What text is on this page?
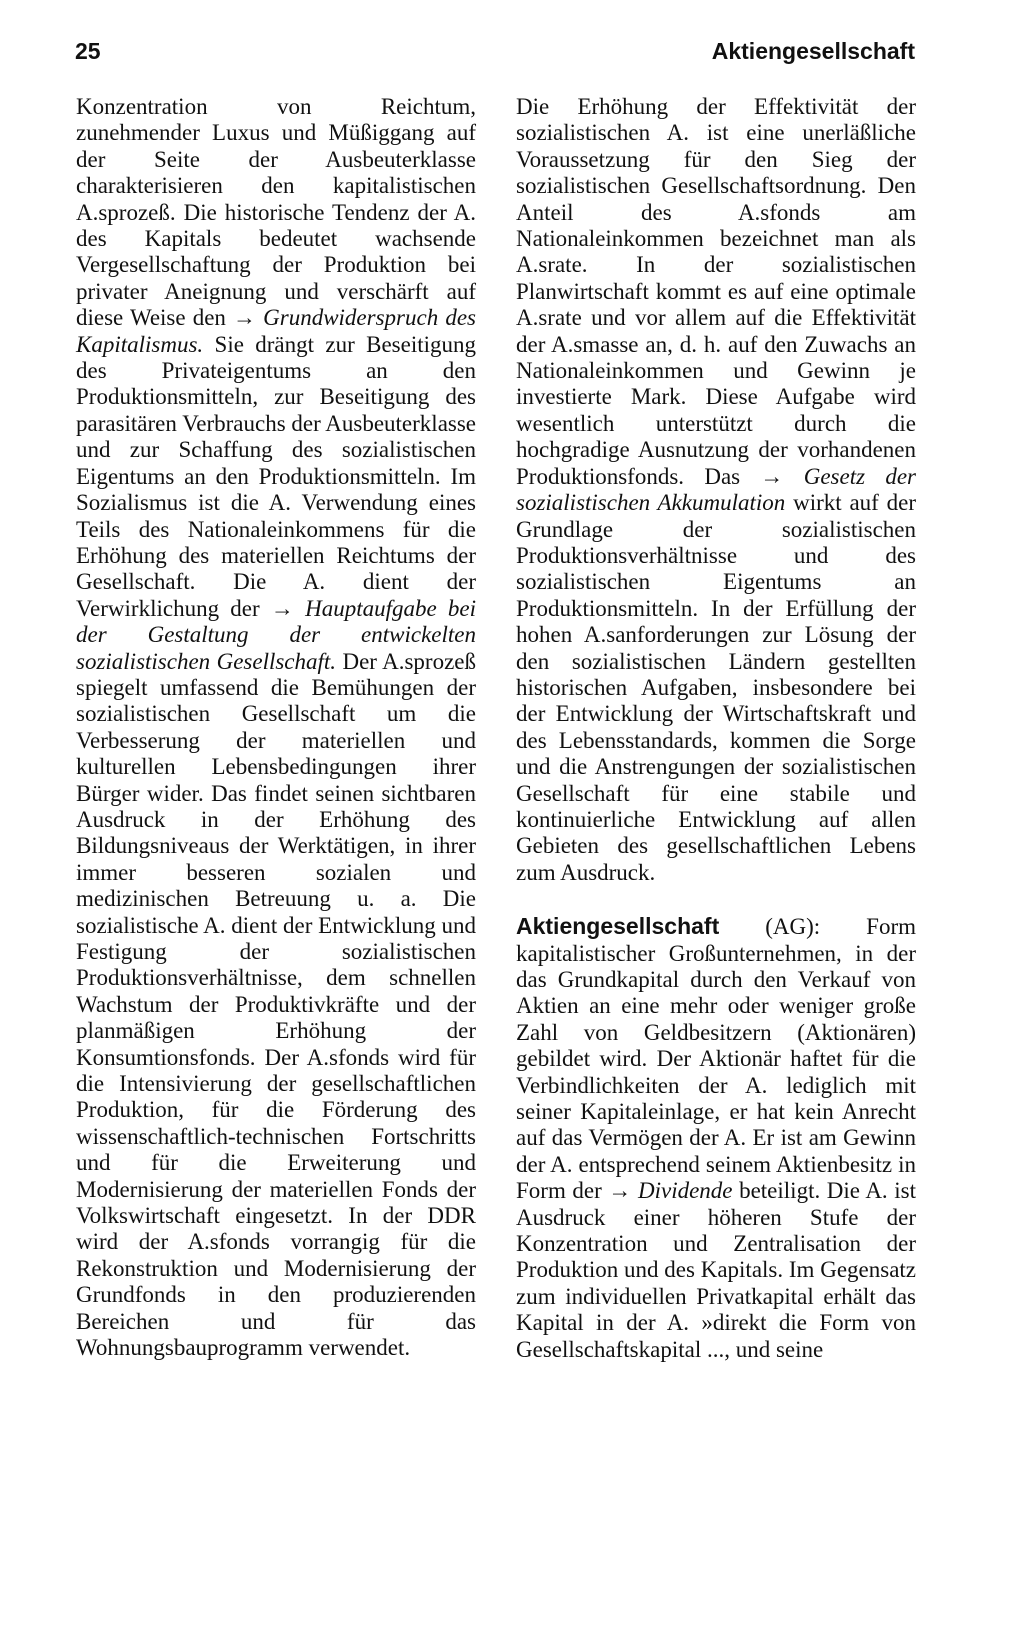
25	Aktiengesellschaft

Konzentration von Reichtum, zunehmender Luxus und Müßiggang auf der Seite der Ausbeuterklasse charakterisieren den kapitalistischen A.sprozeß. Die historische Tendenz der A. des Kapitals bedeutet wachsende Vergesellschaftung der Produktion bei privater Aneignung und verschärft auf diese Weise den → Grundwiderspruch des Kapitalismus. Sie drängt zur Beseitigung des Privateigentums an den Produktionsmitteln, zur Beseitigung des parasitären Verbrauchs der Ausbeuterklasse und zur Schaffung des sozialistischen Eigentums an den Produktionsmitteln. Im Sozialismus ist die A. Verwendung eines Teils des Nationaleinkommens für die Erhöhung des materiellen Reichtums der Gesellschaft. Die A. dient der Verwirklichung der → Hauptaufgabe bei der Gestaltung der entwickelten sozialistischen Gesellschaft. Der A.sprozeß spiegelt umfassend die Bemühungen der sozialistischen Gesellschaft um die Verbesserung der materiellen und kulturellen Lebensbedingungen ihrer Bürger wider. Das findet seinen sichtbaren Ausdruck in der Erhöhung des Bildungsniveaus der Werktätigen, in ihrer immer besseren sozialen und medizinischen Betreuung u. a. Die sozialistische A. dient der Entwicklung und Festigung der sozialistischen Produktionsverhältnisse, dem schnellen Wachstum der Produktivkräfte und der planmäßigen Erhöhung der Konsumtionsfonds. Der A.sfonds wird für die Intensivierung der gesellschaftlichen Produktion, für die Förderung des wissenschaftlich-technischen Fortschritts und für die Erweiterung und Modernisierung der materiellen Fonds der Volkswirtschaft eingesetzt. In der DDR wird der A.sfonds vorrangig für die Rekonstruktion und Modernisierung der Grundfonds in den produzierenden Bereichen und für das Wohnungsbauprogramm verwendet.

Die Erhöhung der Effektivität der sozialistischen A. ist eine unerläßliche Voraussetzung für den Sieg der sozialistischen Gesellschaftsordnung. Den Anteil des A.sfonds am Nationaleinkommen bezeichnet man als A.srate. In der sozialistischen Planwirtschaft kommt es auf eine optimale A.srate und vor allem auf die Effektivität der A.smasse an, d. h. auf den Zuwachs an Nationaleinkommen und Gewinn je investierte Mark. Diese Aufgabe wird wesentlich unterstützt durch die hochgradige Ausnutzung der vorhandenen Produktionsfonds. Das → Gesetz der sozialistischen Akkumulation wirkt auf der Grundlage der sozialistischen Produktionsverhältnisse und des sozialistischen Eigentums an Produktionsmitteln. In der Erfüllung der hohen A.sanforderungen zur Lösung der den sozialistischen Ländern gestellten historischen Aufgaben, insbesondere bei der Entwicklung der Wirtschaftskraft und des Lebensstandards, kommen die Sorge und die Anstrengungen der sozialistischen Gesellschaft für eine stabile und kontinuierliche Entwicklung auf allen Gebieten des gesellschaftlichen Lebens zum Ausdruck.

Aktiengesellschaft (AG): Form kapitalistischer Großunternehmen, in der das Grundkapital durch den Verkauf von Aktien an eine mehr oder weniger große Zahl von Geldbesitzern (Aktionären) gebildet wird. Der Aktionär haftet für die Verbindlichkeiten der A. lediglich mit seiner Kapitaleinlage, er hat kein Anrecht auf das Vermögen der A. Er ist am Gewinn der A. entsprechend seinem Aktienbesitz in Form der → Dividende beteiligt. Die A. ist Ausdruck einer höheren Stufe der Konzentration und Zentralisation der Produktion und des Kapitals. Im Gegensatz zum individuellen Privatkapital erhält das Kapital in der A. »direkt die Form von Gesellschaftskapital ..., und seine
